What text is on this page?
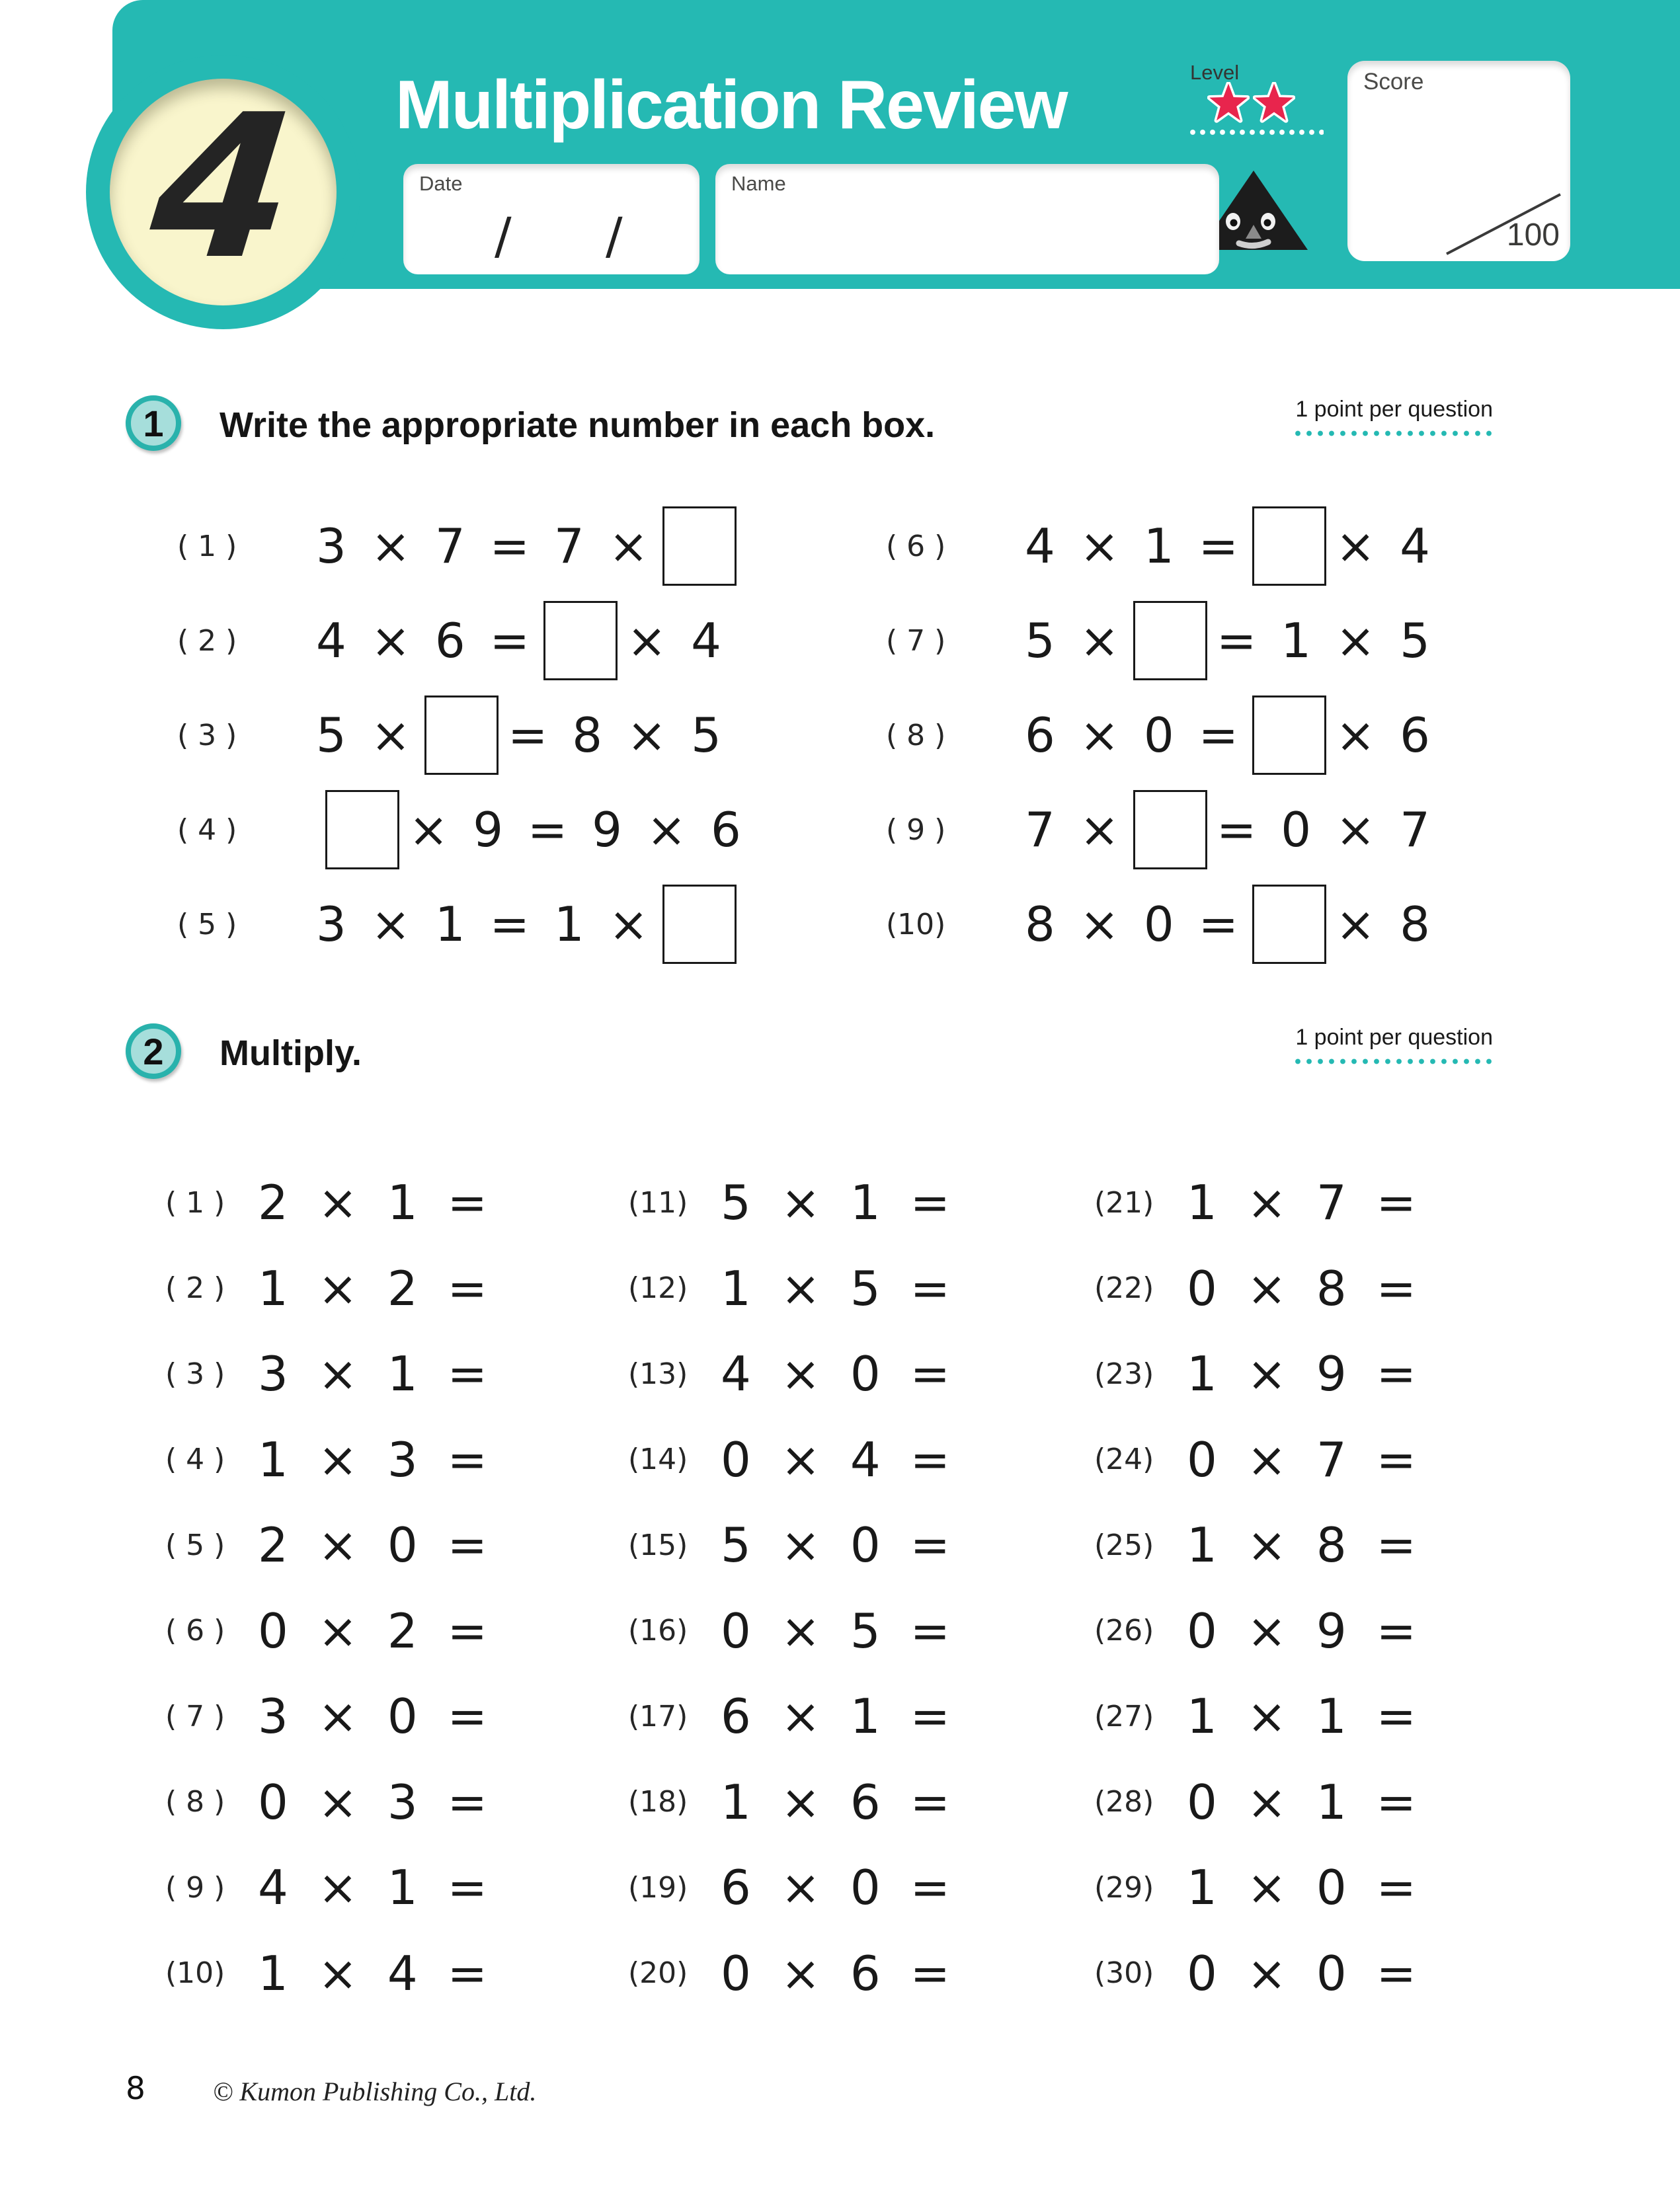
4	Multiplication Review	Level
Date
/ /
Name
Score
100
1	Write the appropriate number in each box.	1 point per question
( 1 )	3 × 7 = 7 ×
( 2 )	4 × 6 = × 4
( 3 )	5 × = 8 × 5
( 4 )	× 9 = 9 × 6
( 5 )	3 × 1 = 1 ×
( 6 )	4 × 1 = × 4
( 7 )	5 × = 1 × 5
( 8 )	6 × 0 = × 6
( 9 )	7 × = 0 × 7
(10)	8 × 0 = × 8
2	Multiply.	1 point per question
( 1 ) 2 × 1 =
( 2 ) 1 × 2 =
( 3 ) 3 × 1 =
( 4 ) 1 × 3 =
( 5 ) 2 × 0 =
( 6 ) 0 × 2 =
( 7 ) 3 × 0 =
( 8 ) 0 × 3 =
( 9 ) 4 × 1 =
(10) 1 × 4 =
(11) 5 × 1 =
(12) 1 × 5 =
(13) 4 × 0 =
(14) 0 × 4 =
(15) 5 × 0 =
(16) 0 × 5 =
(17) 6 × 1 =
(18) 1 × 6 =
(19) 6 × 0 =
(20) 0 × 6 =
(21) 1 × 7 =
(22) 0 × 8 =
(23) 1 × 9 =
(24) 0 × 7 =
(25) 1 × 8 =
(26) 0 × 9 =
(27) 1 × 1 =
(28) 0 × 1 =
(29) 1 × 0 =
(30) 0 × 0 =
8	© Kumon Publishing Co., Ltd.
